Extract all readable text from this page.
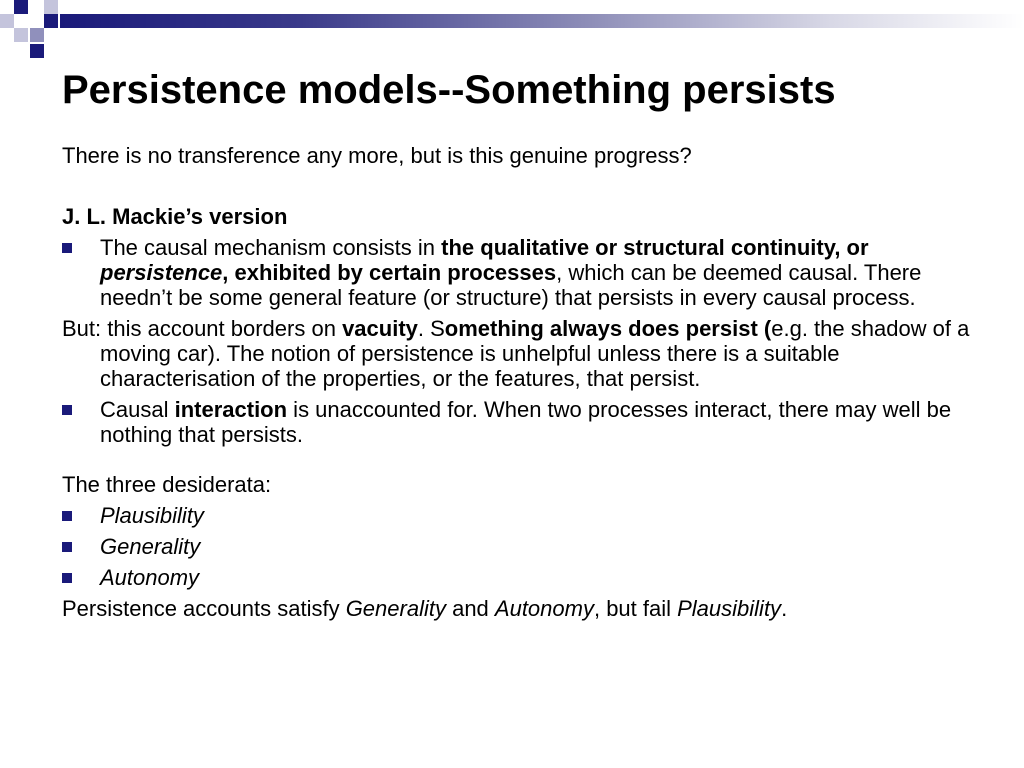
Persistence models--Something persists

There is no transference any more, but is this genuine progress?

J. L. Mackie’s version

The causal mechanism consists in the qualitative or structural continuity, or persistence, exhibited by certain processes, which can be deemed causal. There needn’t be some general feature (or structure) that persists in every causal process.

But: this account borders on vacuity. Something always does persist (e.g. the shadow of a moving car). The notion of persistence is unhelpful unless there is a suitable characterisation of the properties, or the features, that persist.

Causal interaction is unaccounted for. When two processes interact, there may well be nothing that persists.

The three desiderata:

Plausibility
Generality
Autonomy

Persistence accounts satisfy Generality and Autonomy, but fail Plausibility.
